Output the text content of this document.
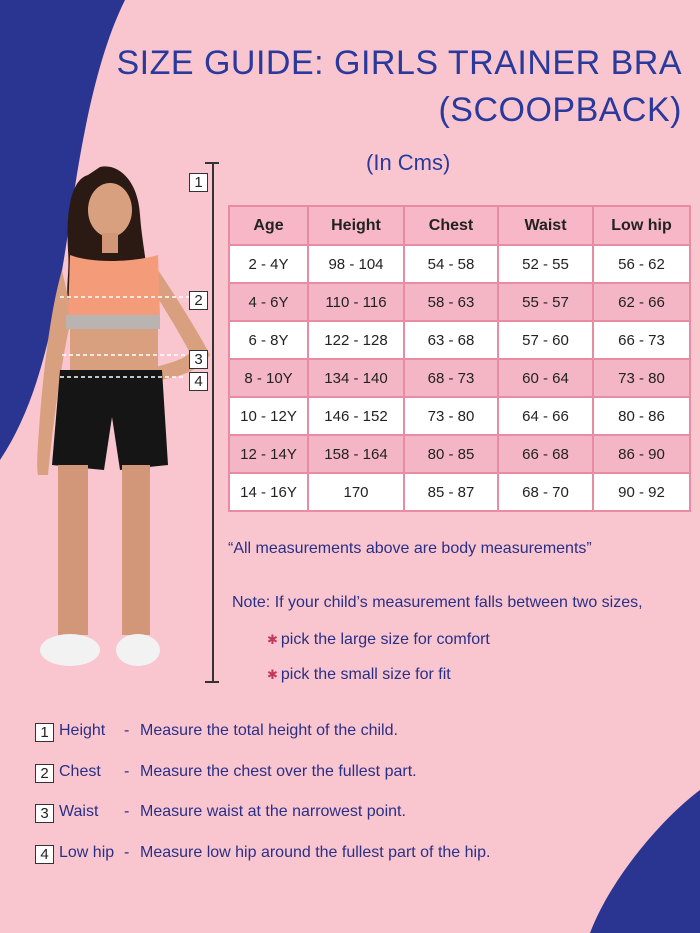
SIZE GUIDE: GIRLS TRAINER BRA
(SCOOPBACK)
(In Cms)
1
2
3
4
Age	Height	Chest	Waist	Low hip
2 - 4Y	98 - 104	54 - 58	52 - 55	56 - 62
4 - 6Y	110 - 116	58 - 63	55 - 57	62 - 66
6 - 8Y	122 - 128	63 - 68	57 - 60	66 - 73
8 - 10Y	134 - 140	68 - 73	60 - 64	73 - 80
10 - 12Y	146 - 152	73 - 80	64 - 66	80 - 86
12 - 14Y	158 - 164	80 - 85	66 - 68	86 - 90
14 - 16Y	170	85 - 87	68 - 70	90 - 92
“All measurements above are body measurements”
Note: If your child’s measurement falls between two sizes,
✱ pick the large size for comfort
✱ pick the small size for fit
1 Height - Measure the total height of the child.
2 Chest - Measure the chest over the fullest part.
3 Waist - Measure waist at the narrowest point.
4 Low hip - Measure low hip around the fullest part of the hip.
